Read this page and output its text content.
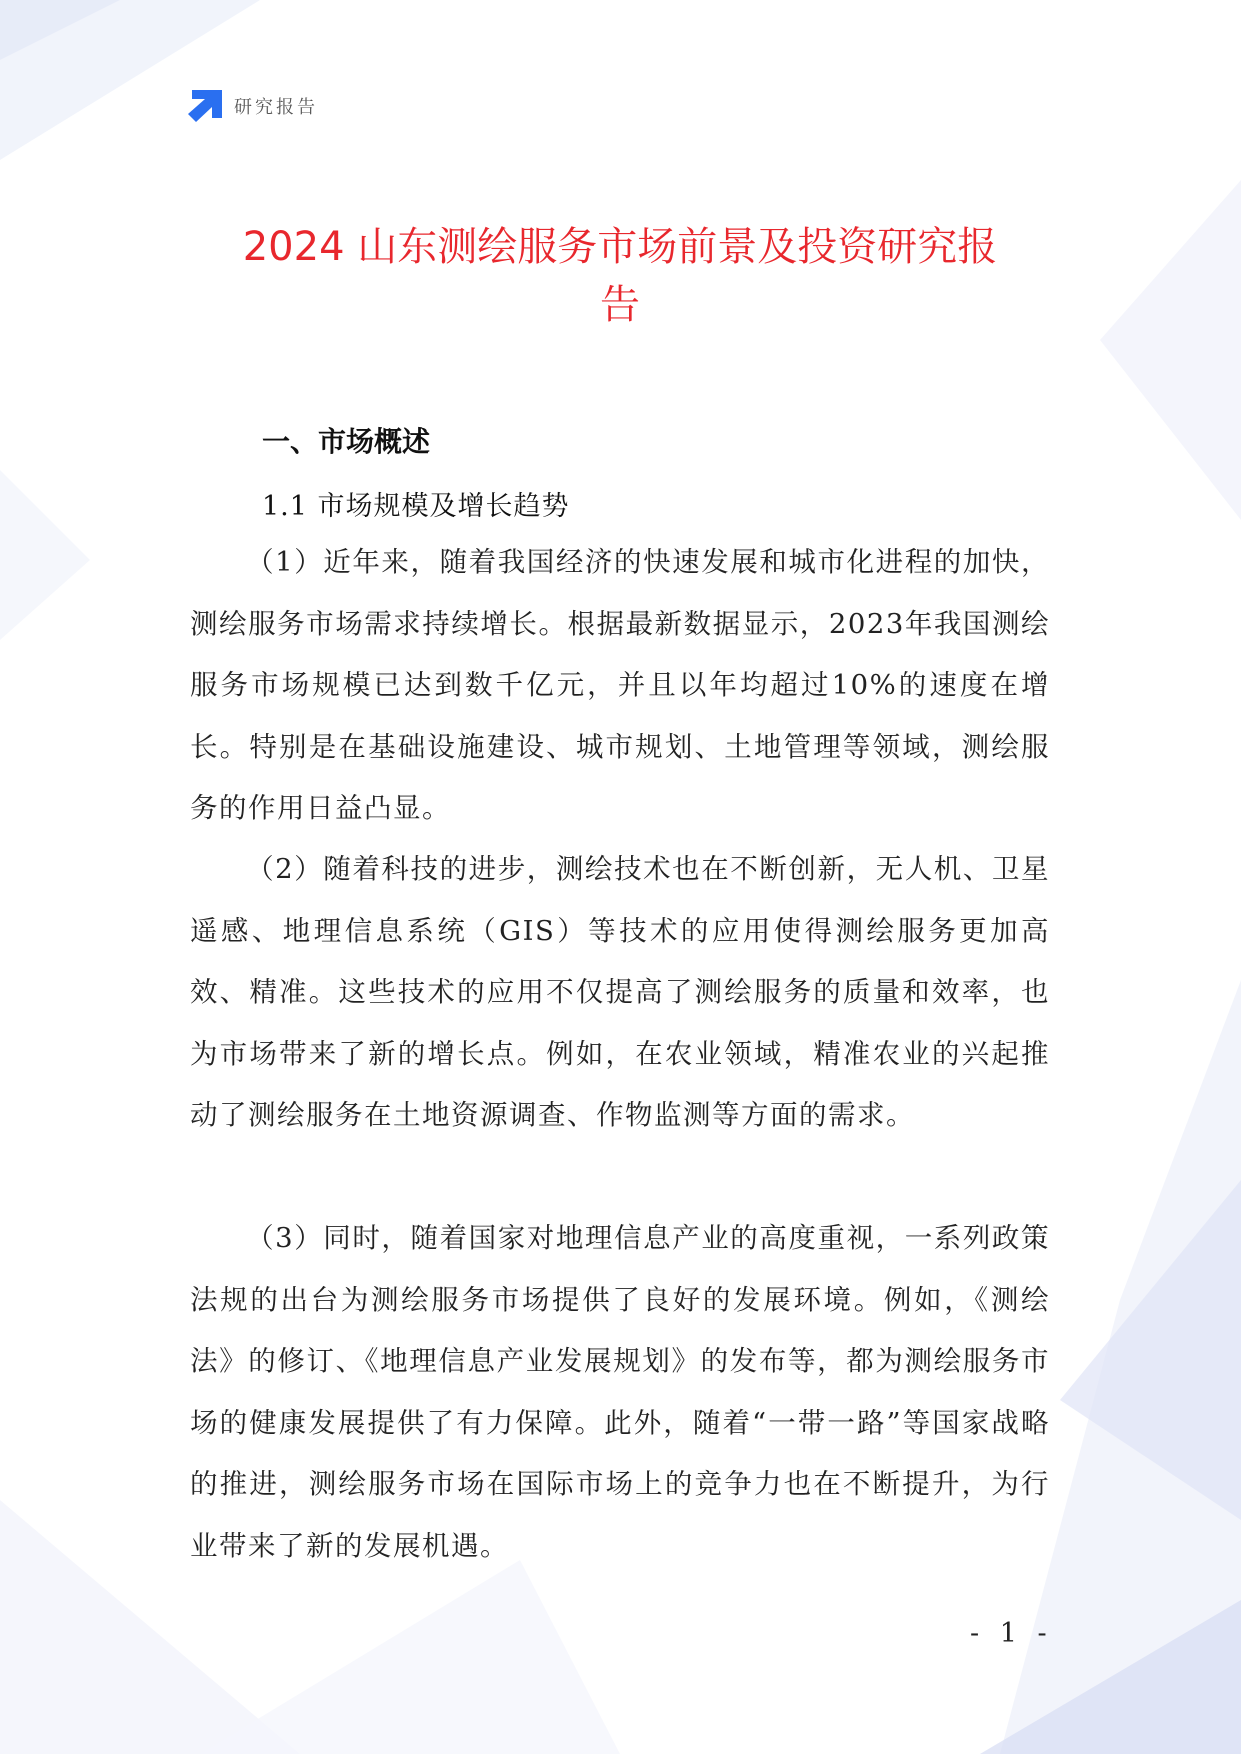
研究报告
2024 山东测绘服务市场前景及投资研究报
告
一、市场概述
1.1 市场规模及增长趋势
（1）近年来，随着我国经济的快速发展和城市化进程的加快，测绘服务市场需求持续增长。根据最新数据显示，2023年我国测绘服务市场规模已达到数千亿元，并且以年均超过10%的速度在增长。特别是在基础设施建设、城市规划、土地管理等领域，测绘服务的作用日益凸显。
（2）随着科技的进步，测绘技术也在不断创新，无人机、卫星遥感、地理信息系统（GIS）等技术的应用使得测绘服务更加高效、精准。这些技术的应用不仅提高了测绘服务的质量和效率，也为市场带来了新的增长点。例如，在农业领域，精准农业的兴起推动了测绘服务在土地资源调查、作物监测等方面的需求。
（3）同时，随着国家对地理信息产业的高度重视，一系列政策法规的出台为测绘服务市场提供了良好的发展环境。例如，《测绘法》的修订、《地理信息产业发展规划》的发布等，都为测绘服务市场的健康发展提供了有力保障。此外，随着“一带一路”等国家战略的推进，测绘服务市场在国际市场上的竞争力也在不断提升，为行业带来了新的发展机遇。
- 1 -
